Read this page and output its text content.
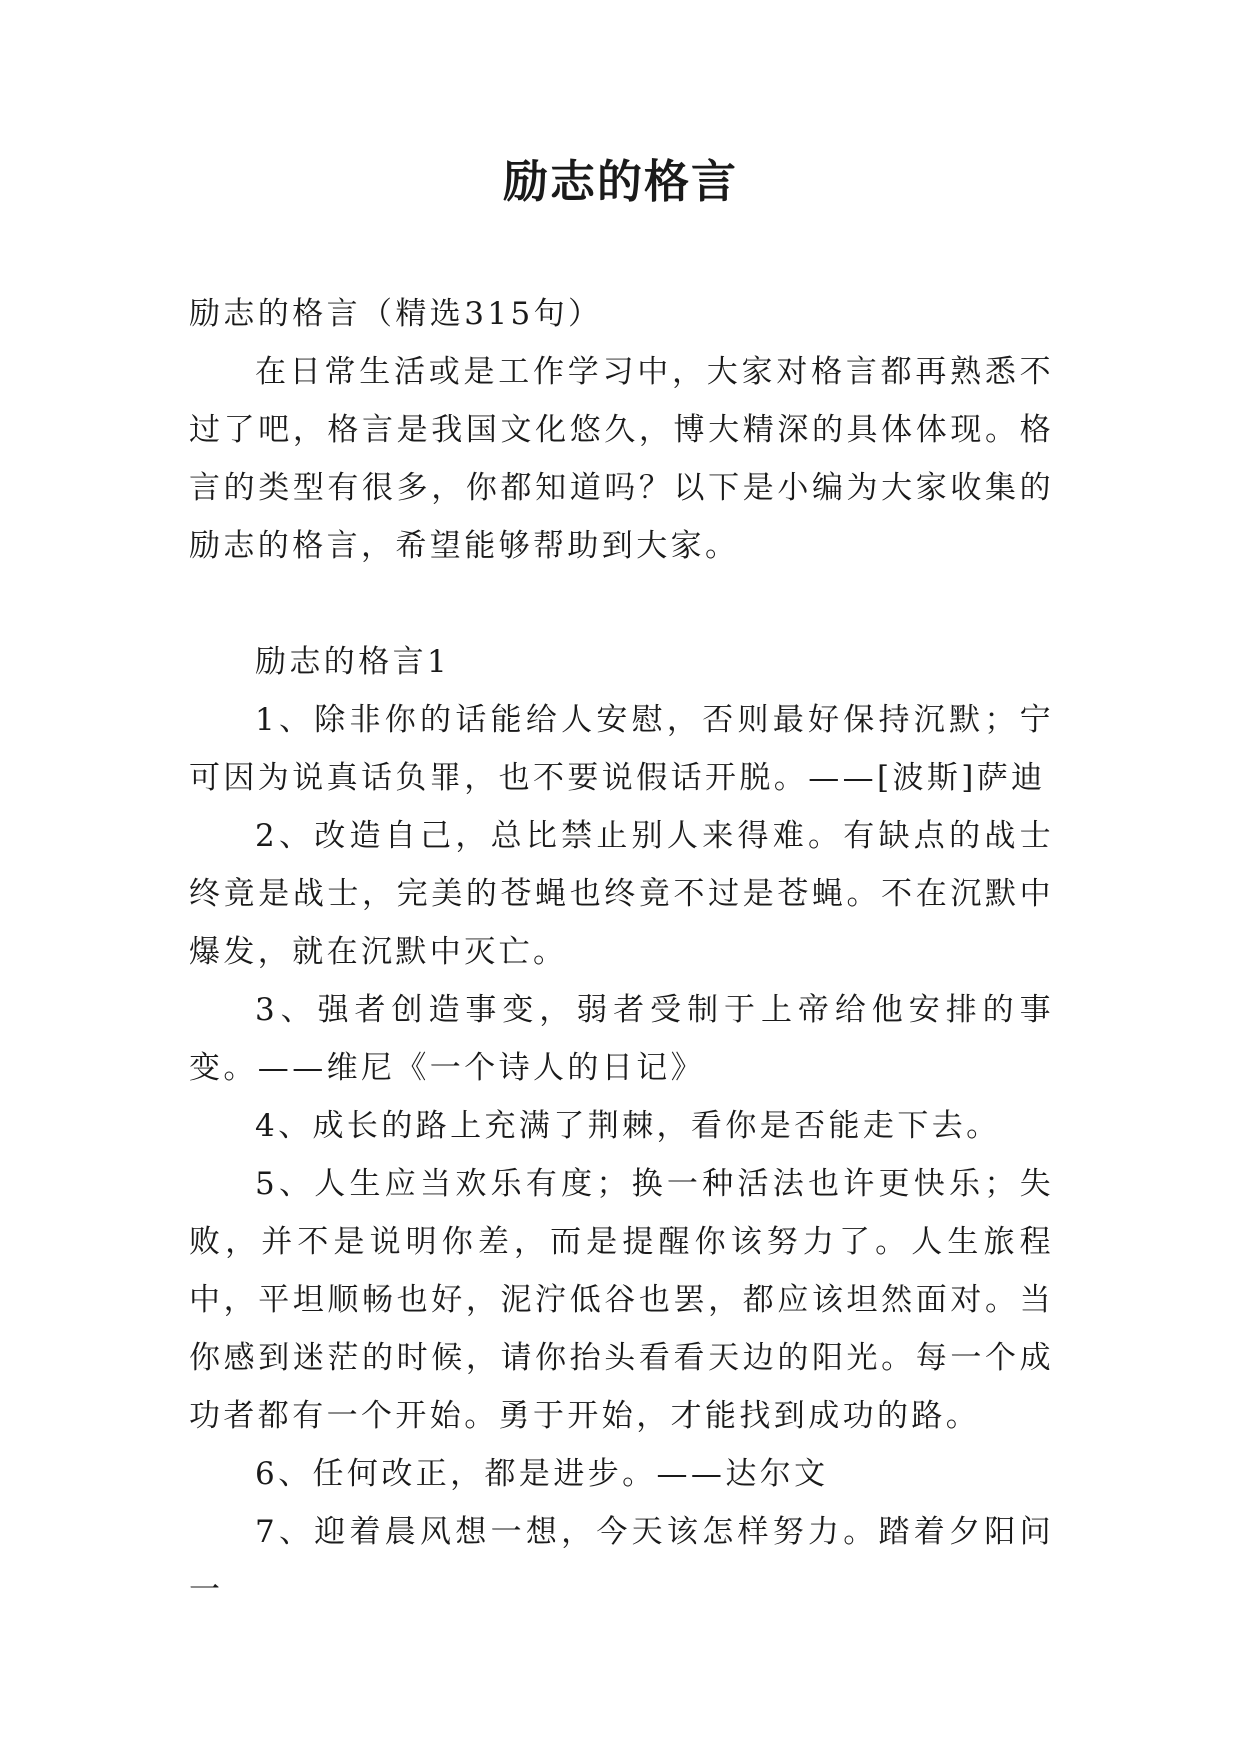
励志的格言

励志的格言（精选315句）

在日常生活或是工作学习中，大家对格言都再熟悉不过了吧，格言是我国文化悠久，博大精深的具体体现。格言的类型有很多，你都知道吗？以下是小编为大家收集的励志的格言，希望能够帮助到大家。

励志的格言1

1、除非你的话能给人安慰，否则最好保持沉默；宁可因为说真话负罪，也不要说假话开脱。——[波斯]萨迪

2、改造自己，总比禁止别人来得难。有缺点的战士终竟是战士，完美的苍蝇也终竟不过是苍蝇。不在沉默中爆发，就在沉默中灭亡。

3、强者创造事变，弱者受制于上帝给他安排的事变。——维尼《一个诗人的日记》

4、成长的路上充满了荆棘，看你是否能走下去。

5、人生应当欢乐有度；换一种活法也许更快乐；失败，并不是说明你差，而是提醒你该努力了。人生旅程中，平坦顺畅也好，泥泞低谷也罢，都应该坦然面对。当你感到迷茫的时候，请你抬头看看天边的阳光。每一个成功者都有一个开始。勇于开始，才能找到成功的路。

6、任何改正，都是进步。——达尔文

7、迎着晨风想一想，今天该怎样努力。踏着夕阳问一
